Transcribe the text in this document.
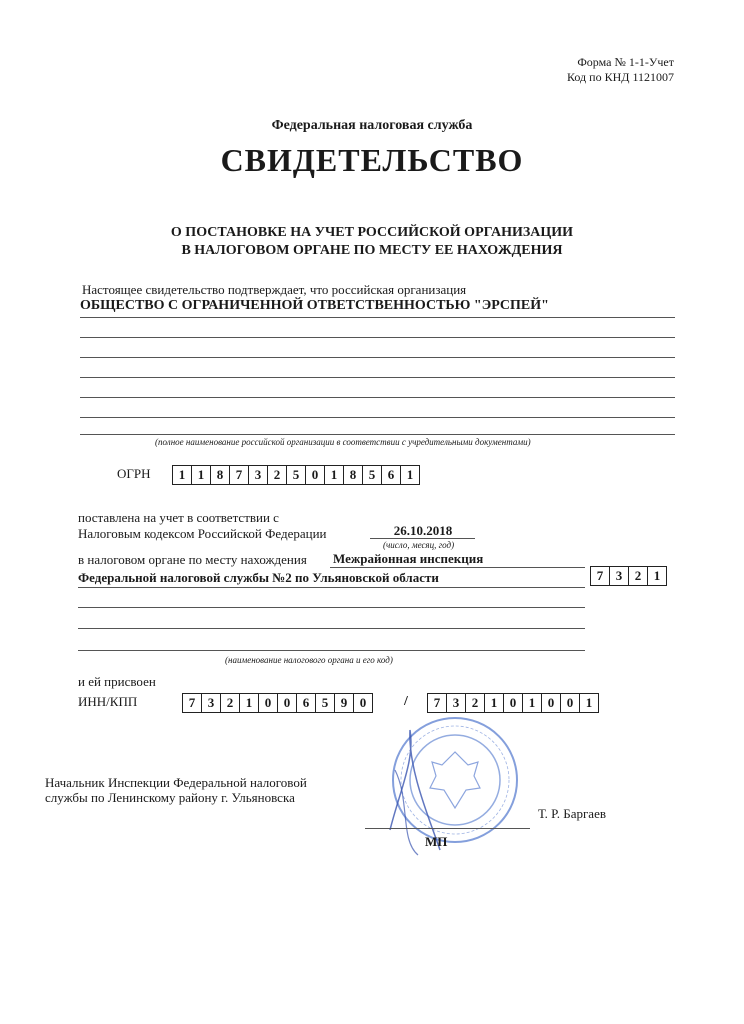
Форма № 1-1-Учет
Код по КНД 1121007
Федеральная налоговая служба
СВИДЕТЕЛЬСТВО
О ПОСТАНОВКЕ НА УЧЕТ РОССИЙСКОЙ ОРГАНИЗАЦИИ
В НАЛОГОВОМ ОРГАНЕ ПО МЕСТУ ЕЕ НАХОЖДЕНИЯ
Настоящее свидетельство подтверждает, что российская организация
ОБЩЕСТВО С ОГРАНИЧЕННОЙ ОТВЕТСТВЕННОСТЬЮ "ЭРСПЕЙ"
(полное наименование российской организации в соответствии с учредительными документами)
ОГРН	1 1 8 7 3 2 5 0 1 8 5 6 1
поставлена на учет в соответствии с
Налоговым кодексом Российской Федерации	26.10.2018
(число, месяц, год)
в налоговом органе по месту нахождения Межрайонная инспекция
Федеральной налоговой службы №2 по Ульяновской области	7 3 2 1
(наименование налогового органа и его код)
и ей присвоен
ИНН/КПП	7 3 2 1 0 0 6 5 9 0	/	7 3 2 1 0 1 0 0 1
Начальник Инспекции Федеральной налоговой
службы по Ленинскому району г. Ульяновска
Т. Р. Баргаев
МП
